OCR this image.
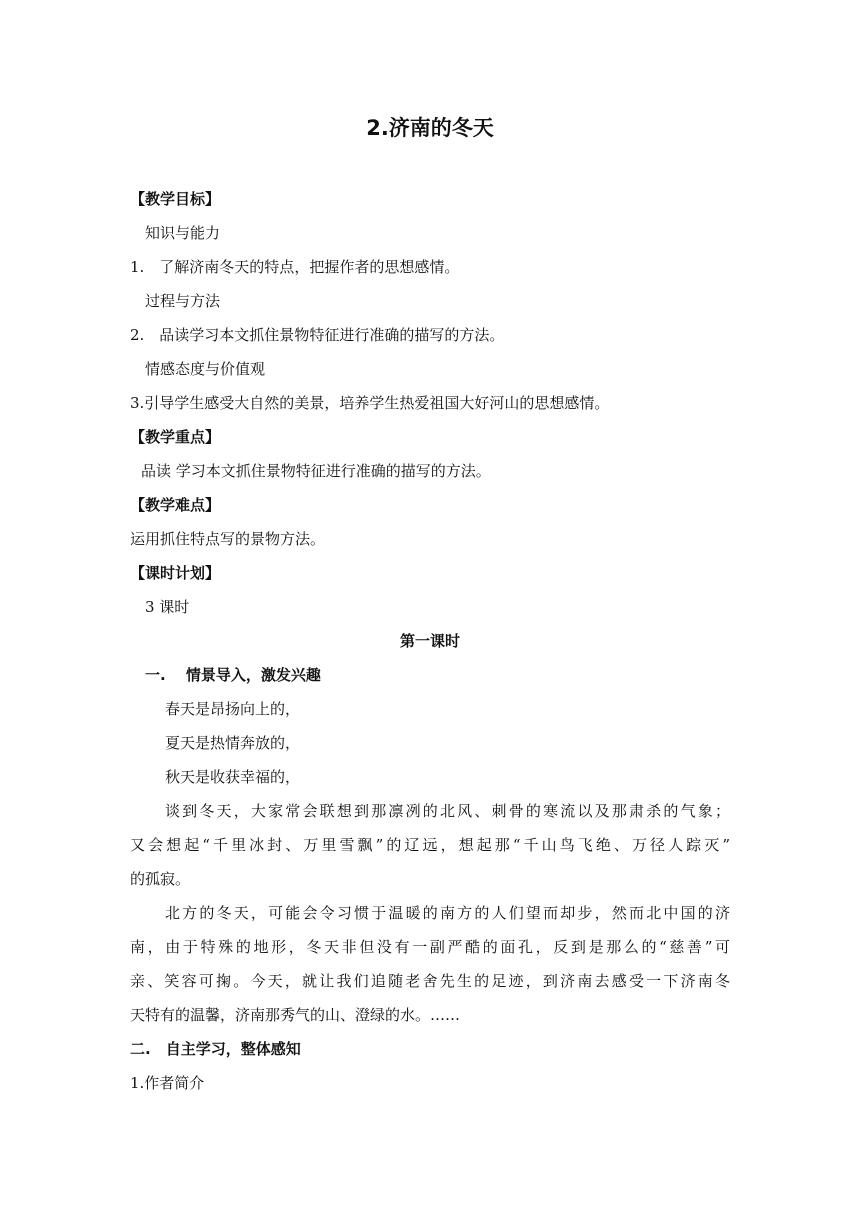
2.济南的冬天
【教学目标】
知识与能力
1.　了解济南冬天的特点，把握作者的思想感情。
过程与方法
2.　品读学习本文抓住景物特征进行准确的描写的方法。
情感态度与价值观
3.引导学生感受大自然的美景，培养学生热爱祖国大好河山的思想感情。
【教学重点】
品读 学习本文抓住景物特征进行准确的描写的方法。
【教学难点】
运用抓住特点写的景物方法。
【课时计划】
3 课时
第一课时
一.　 情景导入，激发兴趣
春天是昂扬向上的，
夏天是热情奔放的，
秋天是收获幸福的，
谈到冬天，大家常会联想到那凛冽的北风、刺骨的寒流以及那肃杀的气象；
又会想起“千里冰封、万里雪飘”的辽远，想起那“千山鸟飞绝、万径人踪灭”
的孤寂。
北方的冬天，可能会令习惯于温暖的南方的人们望而却步，然而北中国的济
南，由于特殊的地形，冬天非但没有一副严酷的面孔，反到是那么的“慈善”可
亲、笑容可掬。今天，就让我们追随老舍先生的足迹，到济南去感受一下济南冬
天特有的温馨，济南那秀气的山、澄绿的水。……
二.　自主学习，整体感知
1.作者简介
